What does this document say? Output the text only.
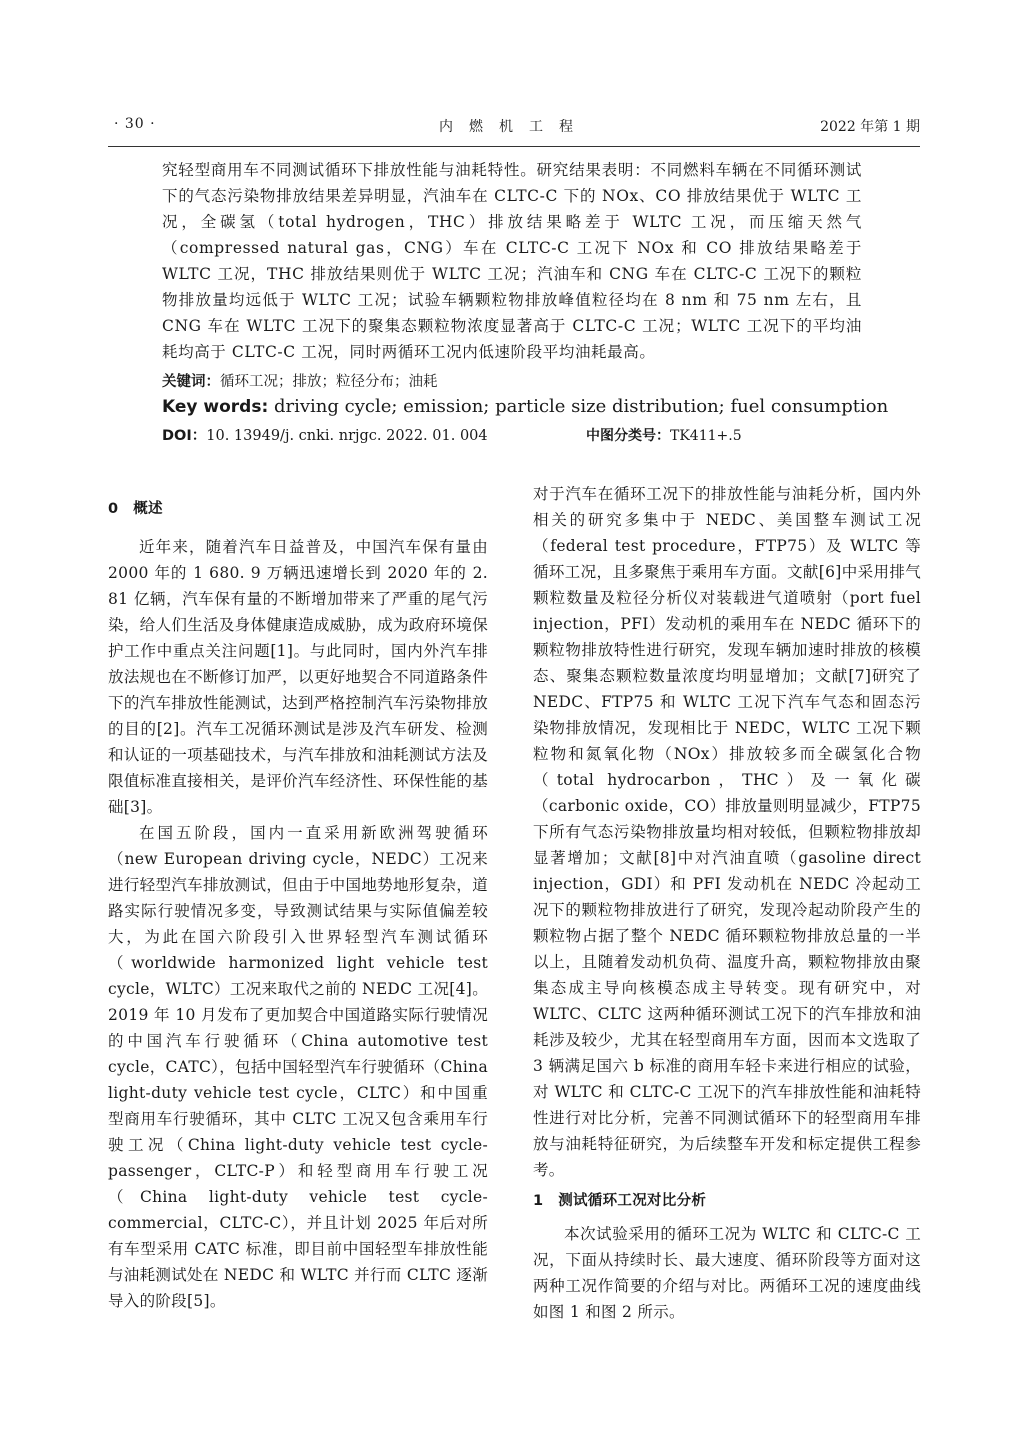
· 30 ·	内燃机工程	2022 年第 1 期

究轻型商用车不同测试循环下排放性能与油耗特性。研究结果表明：不同燃料车辆在不同循环测试下的气态污染物排放结果差异明显，汽油车在 CLTC-C 下的 NOx、CO 排放结果优于 WLTC 工况，全碳氢（total hydrogen，THC）排放结果略差于 WLTC 工况，而压缩天然气（compressed natural gas，CNG）车在 CLTC-C 工况下 NOx 和 CO 排放结果略差于 WLTC 工况，THC 排放结果则优于 WLTC 工况；汽油车和 CNG 车在 CLTC-C 工况下的颗粒物排放量均远低于 WLTC 工况；试验车辆颗粒物排放峰值粒径均在 8 nm 和 75 nm 左右，且 CNG 车在 WLTC 工况下的聚集态颗粒物浓度显著高于 CLTC-C 工况；WLTC 工况下的平均油耗均高于 CLTC-C 工况，同时两循环工况内低速阶段平均油耗最高。

关键词：循环工况；排放；粒径分布；油耗
Key words: driving cycle; emission; particle size distribution; fuel consumption
DOI：10. 13949/j. cnki. nrjgc. 2022. 01. 004	中图分类号：TK411+.5
0　概述

近年来，随着汽车日益普及，中国汽车保有量由 2000 年的 1 680. 9 万辆迅速增长到 2020 年的 2. 81 亿辆，汽车保有量的不断增加带来了严重的尾气污染，给人们生活及身体健康造成威胁，成为政府环境保护工作中重点关注问题[1]。与此同时，国内外汽车排放法规也在不断修订加严，以更好地契合不同道路条件下的汽车排放性能测试，达到严格控制汽车污染物排放的目的[2]。汽车工况循环测试是涉及汽车研发、检测和认证的一项基础技术，与汽车排放和油耗测试方法及限值标准直接相关，是评价汽车经济性、环保性能的基础[3]。

在国五阶段，国内一直采用新欧洲驾驶循环（new European driving cycle，NEDC）工况来进行轻型汽车排放测试，但由于中国地势地形复杂，道路实际行驶情况多变，导致测试结果与实际值偏差较大，为此在国六阶段引入世界轻型汽车测试循环（worldwide harmonized light vehicle test cycle，WLTC）工况来取代之前的 NEDC 工况[4]。2019 年 10 月发布了更加契合中国道路实际行驶情况的中国汽车行驶循环（China automotive test cycle，CATC），包括中国轻型汽车行驶循环（China light-duty vehicle test cycle，CLTC）和中国重型商用车行驶循环，其中 CLTC 工况又包含乘用车行驶工况（China light-duty vehicle test cycle-passenger，CLTC-P）和轻型商用车行驶工况（China light-duty vehicle test cycle-commercial，CLTC-C），并且计划 2025 年后对所有车型采用 CATC 标准，即目前中国轻型车排放性能与油耗测试处在 NEDC 和 WLTC 并行而 CLTC 逐渐导入的阶段[5]。

对于汽车在循环工况下的排放性能与油耗分析，国内外相关的研究多集中于 NEDC、美国整车测试工况（federal test procedure，FTP75）及 WLTC 等循环工况，且多聚焦于乘用车方面。文献[6]中采用排气颗粒数量及粒径分析仪对装载进气道喷射（port fuel injection，PFI）发动机的乘用车在 NEDC 循环下的颗粒物排放特性进行研究，发现车辆加速时排放的核模态、聚集态颗粒数量浓度均明显增加；文献[7]研究了 NEDC、FTP75 和 WLTC 工况下汽车气态和固态污染物排放情况，发现相比于 NEDC，WLTC 工况下颗粒物和氮氧化物（NOx）排放较多而全碳氢化合物（total hydrocarbon，THC）及一氧化碳（carbonic oxide，CO）排放量则明显减少，FTP75 下所有气态污染物排放量均相对较低，但颗粒物排放却显著增加；文献[8]中对汽油直喷（gasoline direct injection，GDI）和 PFI 发动机在 NEDC 冷起动工况下的颗粒物排放进行了研究，发现冷起动阶段产生的颗粒物占据了整个 NEDC 循环颗粒物排放总量的一半以上，且随着发动机负荷、温度升高，颗粒物排放由聚集态成主导向核模态成主导转变。现有研究中，对 WLTC、CLTC 这两种循环测试工况下的汽车排放和油耗涉及较少，尤其在轻型商用车方面，因而本文选取了 3 辆满足国六 b 标准的商用车轻卡来进行相应的试验，对 WLTC 和 CLTC-C 工况下的汽车排放性能和油耗特性进行对比分析，完善不同测试循环下的轻型商用车排放与油耗特征研究，为后续整车开发和标定提供工程参考。

1　测试循环工况对比分析

本次试验采用的循环工况为 WLTC 和 CLTC-C 工况，下面从持续时长、最大速度、循环阶段等方面对这两种工况作简要的介绍与对比。两循环工况的速度曲线如图 1 和图 2 所示。
